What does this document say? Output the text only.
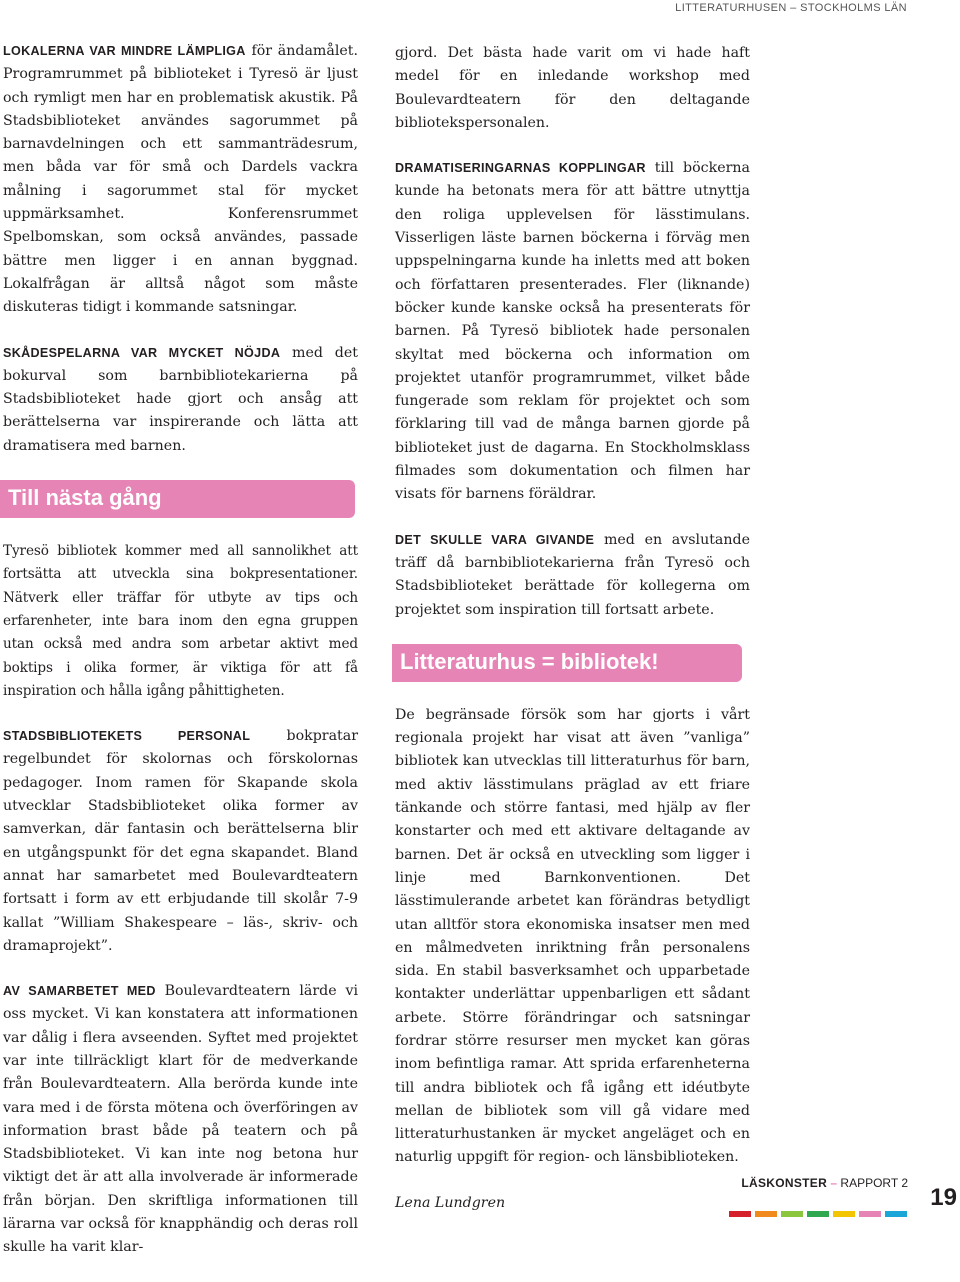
LITTERATURHUSEN – STOCKHOLMS LÄN

LOKALERNA VAR MINDRE LÄMPLIGA för ändamålet. Programrummet på biblioteket i Tyresö är ljust och rymligt men har en problematisk akustik. På Stadsbiblioteket användes sagorummet på barnavdelningen och ett sammanträdesrum, men båda var för små och Dardels vackra målning i sagorummet stal för mycket uppmärksamhet. Konferensrummet Spelbomskan, som också användes, passade bättre men ligger i en annan byggnad. Lokalfrågan är alltså något som måste diskuteras tidigt i kommande satsningar.

SKÅDESPELARNA VAR MYCKET NÖJDA med det bokurval som barnbibliotekarierna på Stadsbiblioteket hade gjort och ansåg att berättelserna var inspirerande och lätta att dramatisera med barnen.

Till nästa gång

Tyresö bibliotek kommer med all sannolikhet att fortsätta att utveckla sina bokpresentationer. Nätverk eller träffar för utbyte av tips och erfarenheter, inte bara inom den egna gruppen utan också med andra som arbetar aktivt med boktips i olika former, är viktiga för att få inspiration och hålla igång påhittigheten.

STADSBIBLIOTEKETS PERSONAL bokpratar regelbundet för skolornas och förskolornas pedagoger. Inom ramen för Skapande skola utvecklar Stadsbiblioteket olika former av samverkan, där fantasin och berättelserna blir en utgångspunkt för det egna skapandet. Bland annat har samarbetet med Boulevardteatern fortsatt i form av ett erbjudande till skolår 7-9 kallat ”William Shakespeare – läs-, skriv- och dramaprojekt”.

AV SAMARBETET MED Boulevardteatern lärde vi oss mycket. Vi kan konstatera att informationen var dålig i flera avseenden. Syftet med projektet var inte tillräckligt klart för de medverkande från Boulevardteatern. Alla berörda kunde inte vara med i de första mötena och överföringen av information brast både på teatern och på Stadsbiblioteket. Vi kan inte nog betona hur viktigt det är att alla involverade är informerade från början. Den skriftliga informationen till lärarna var också för knapphändig och deras roll skulle ha varit klar-

gjord. Det bästa hade varit om vi hade haft medel för en inledande workshop med Boulevardteatern för den deltagande bibliotekspersonalen.

DRAMATISERINGARNAS KOPPLINGAR till böckerna kunde ha betonats mera för att bättre utnyttja den roliga upplevelsen för lässtimulans. Visserligen läste barnen böckerna i förväg men uppspelningarna kunde ha inletts med att boken och författaren presenterades. Fler (liknande) böcker kunde kanske också ha presenterats för barnen. På Tyresö bibliotek hade personalen skyltat med böckerna och information om projektet utanför programrummet, vilket både fungerade som reklam för projektet och som förklaring till vad de många barnen gjorde på biblioteket just de dagarna. En Stockholmsklass filmades som dokumentation och filmen har visats för barnens föräldrar.

DET SKULLE VARA GIVANDE med en avslutande träff då barnbibliotekarierna från Tyresö och Stadsbiblioteket berättade för kollegerna om projektet som inspiration till fortsatt arbete.

Litteraturhus = bibliotek!

De begränsade försök som har gjorts i vårt regionala projekt har visat att även ”vanliga” bibliotek kan utvecklas till litteraturhus för barn, med aktiv lässtimulans präglad av ett friare tänkande och större fantasi, med hjälp av fler konstarter och med ett aktivare deltagande av barnen. Det är också en utveckling som ligger i linje med Barnkonventionen. Det lässtimulerande arbetet kan förändras betydligt utan alltför stora ekonomiska insatser men med en målmedveten inriktning från personalens sida. En stabil basverksamhet och upparbetade kontakter underlättar uppenbarligen ett sådant arbete. Större förändringar och satsningar fordrar större resurser men mycket kan göras inom befintliga ramar. Att sprida erfarenheterna till andra bibliotek och få igång ett idéutbyte mellan de bibliotek som vill gå vidare med litteraturhustanken är mycket angeläget och en naturlig uppgift för region- och länsbiblioteken.

Lena Lundgren

LÄSKONSTER – RAPPORT 2
19
